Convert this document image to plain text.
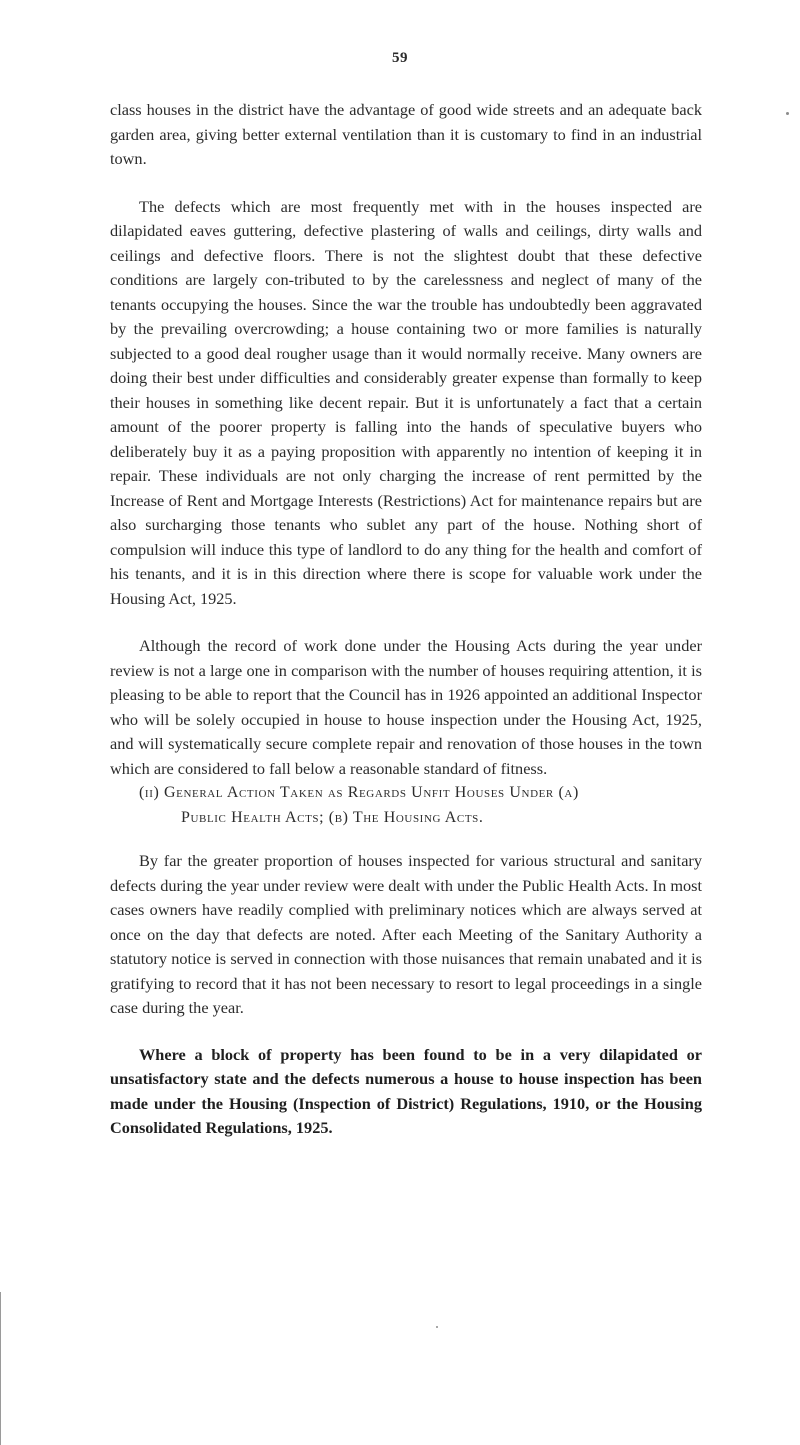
59

class houses in the district have the advantage of good wide streets and an adequate back garden area, giving better external ventilation than it is customary to find in an industrial town.

The defects which are most frequently met with in the houses inspected are dilapidated eaves guttering, defective plastering of walls and ceilings, dirty walls and ceilings and defective floors. There is not the slightest doubt that these defective conditions are largely con-tributed to by the carelessness and neglect of many of the tenants occupying the houses. Since the war the trouble has undoubtedly been aggravated by the prevailing overcrowding; a house containing two or more families is naturally subjected to a good deal rougher usage than it would normally receive. Many owners are doing their best under difficulties and considerably greater expense than formally to keep their houses in something like decent repair. But it is unfortunately a fact that a certain amount of the poorer property is falling into the hands of speculative buyers who deliberately buy it as a paying proposition with apparently no intention of keeping it in repair. These individuals are not only charging the increase of rent permitted by the Increase of Rent and Mortgage Interests (Restrictions) Act for maintenance repairs but are also surcharging those tenants who sublet any part of the house. Nothing short of compulsion will induce this type of landlord to do any thing for the health and comfort of his tenants, and it is in this direction where there is scope for valuable work under the Housing Act, 1925.

Although the record of work done under the Housing Acts during the year under review is not a large one in comparison with the number of houses requiring attention, it is pleasing to be able to report that the Council has in 1926 appointed an additional Inspector who will be solely occupied in house to house inspection under the Housing Act, 1925, and will systematically secure complete repair and renovation of those houses in the town which are considered to fall below a reasonable standard of fitness.

(ii) General Action Taken as Regards Unfit Houses Under (a)
Public Health Acts; (b) The Housing Acts.

By far the greater proportion of houses inspected for various structural and sanitary defects during the year under review were dealt with under the Public Health Acts. In most cases owners have readily complied with preliminary notices which are always served at once on the day that defects are noted. After each Meeting of the Sanitary Authority a statutory notice is served in connection with those nuisances that remain unabated and it is gratifying to record that it has not been necessary to resort to legal proceedings in a single case during the year.

Where a block of property has been found to be in a very dilapidated or unsatisfactory state and the defects numerous a house to house inspection has been made under the Housing (Inspection of District) Regulations, 1910, or the Housing Consolidated Regulations, 1925.
